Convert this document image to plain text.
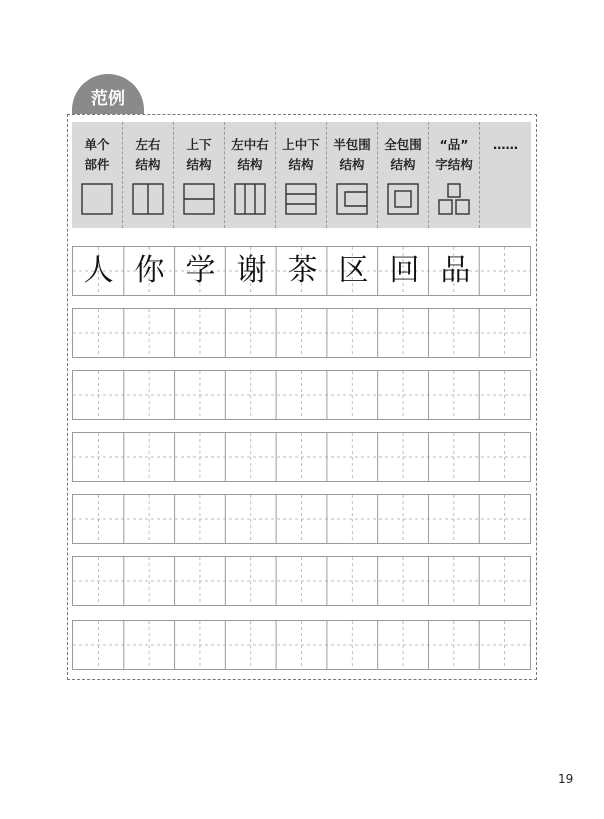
范例
单个
部件
左右
结构
上下
结构
左中右
结构
上中下
结构
半包围
结构
全包围
结构
“品”
字结构
……
人 你 学 谢 茶 区 回 品
19
